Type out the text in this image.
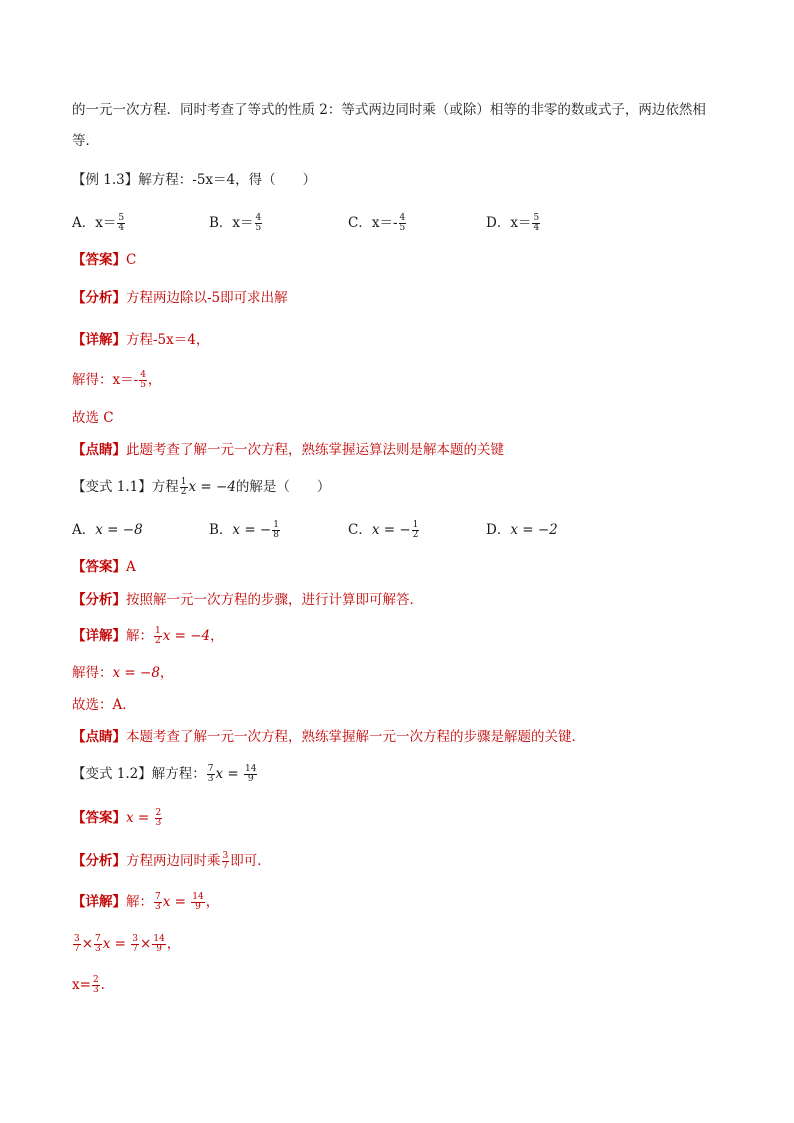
的一元一次方程．同时考查了等式的性质 2：等式两边同时乘（或除）相等的非零的数或式子，两边依然相
等．
【例 1.3】解方程：-5x＝4，得（　　）
A．$x= \frac{5}{4}$	B．$x= \frac{4}{5}$	C．$x=- \frac{4}{5}$	D．$x= \frac{5}{4}$
【答案】C
【分析】方程两边除以-5即可求出解
【详解】方程-5x＝4，
解得：$x=- \frac{4}{5}$ ，
故选 C
【点睛】此题考查了解一元一次方程，熟练掌握运算法则是解本题的关键
【变式 1.1】方程 $\frac{1}{2}$ x = −4的解是（　　）
A．x = −8	B．x = − $\frac{1}{8}$	C．x = − $\frac{1}{2}$	D．x = −2
【答案】A
【分析】按照解一元一次方程的步骤，进行计算即可解答．
【详解】解： $\frac{1}{2}$ x = −4，
解得：x = −8，
故选：A．
【点睛】本题考查了解一元一次方程，熟练掌握解一元一次方程的步骤是解题的关键．
【变式 1.2】解方程： $\frac{7}{3}$ $x = \frac{14}{9}$
【答案】$x = \frac{2}{3}$
【分析】方程两边同时乘 $\frac{3}{7}$ 即可．
【详解】解： $\frac{7}{3}$ $x = \frac{14}{9}$ ，
$\frac{3}{7} \times \frac{7}{3}$ $x = \frac{3}{7} \times \frac{14}{9}$ ，
$x= \frac{2}{3}$ .
